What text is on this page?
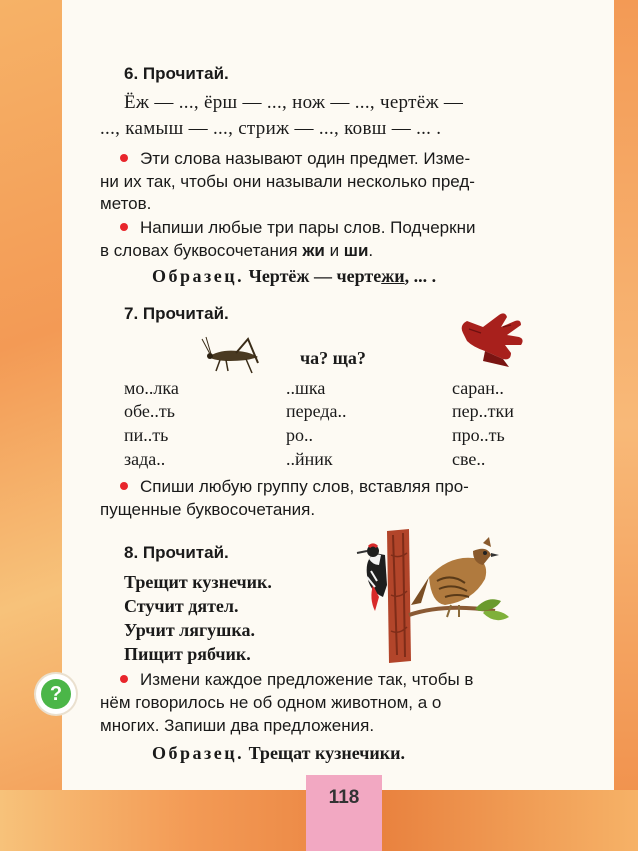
6. Прочитай.
Ёж — ..., ёрш — ..., нож — ..., чертёж —
..., камыш — ..., стриж — ..., ковш — ... .
Эти слова называют один предмет. Изме-
ни их так, чтобы они называли несколько пред-
метов.
Напиши любые три пары слов. Подчеркни
в словах буквосочетания жи и ши.
Образец. Чертёж — чертежи, ... .
7. Прочитай.
ча? ща?
мо..лка
обе..ть
пи..ть
зада..
..шка
переда..
ро..
..йник
саран..
пер..тки
про..ть
све..
Спиши любую группу слов, вставляя про-
пущенные буквосочетания.
8. Прочитай.
Трещит кузнечик.
Стучит дятел.
Урчит лягушка.
Пищит рябчик.
?
Измени каждое предложение так, чтобы в
нём говорилось не об одном животном, а о
многих. Запиши два предложения.
Образец. Трещат кузнечики.
118
